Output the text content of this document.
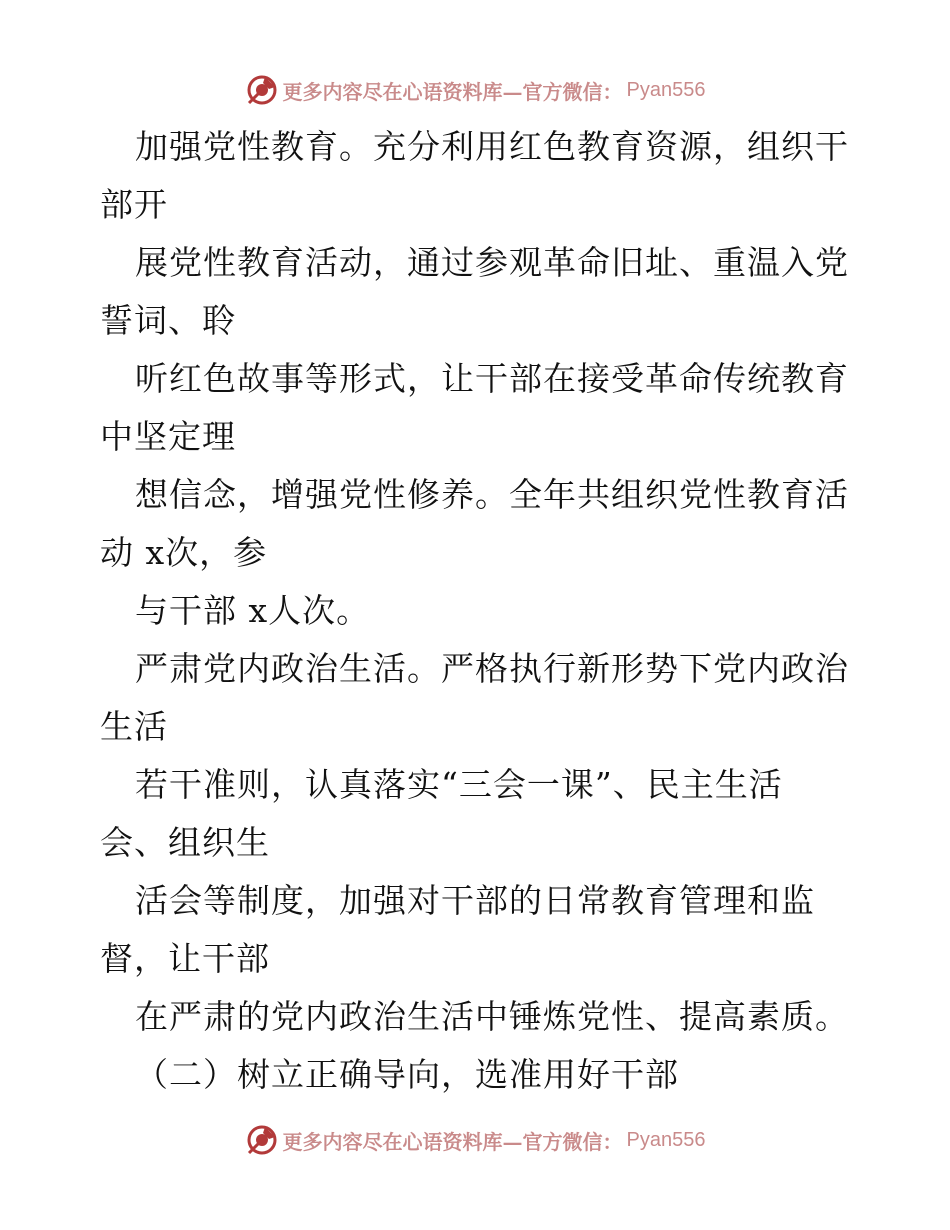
更多内容尽在心语资料库—官方微信： Pyan556
加强党性教育。充分利用红色教育资源，组织干
部开
展党性教育活动，通过参观革命旧址、重温入党
誓词、聆
听红色故事等形式，让干部在接受革命传统教育
中坚定理
想信念，增强党性修养。全年共组织党性教育活
动 x次，参
与干部 x人次。
严肃党内政治生活。严格执行新形势下党内政治
生活
若干准则，认真落实“三会一课”、民主生活
会、组织生
活会等制度，加强对干部的日常教育管理和监
督，让干部
在严肃的党内政治生活中锤炼党性、提高素质。
（二）树立正确导向，选准用好干部
更多内容尽在心语资料库—官方微信： Pyan556
